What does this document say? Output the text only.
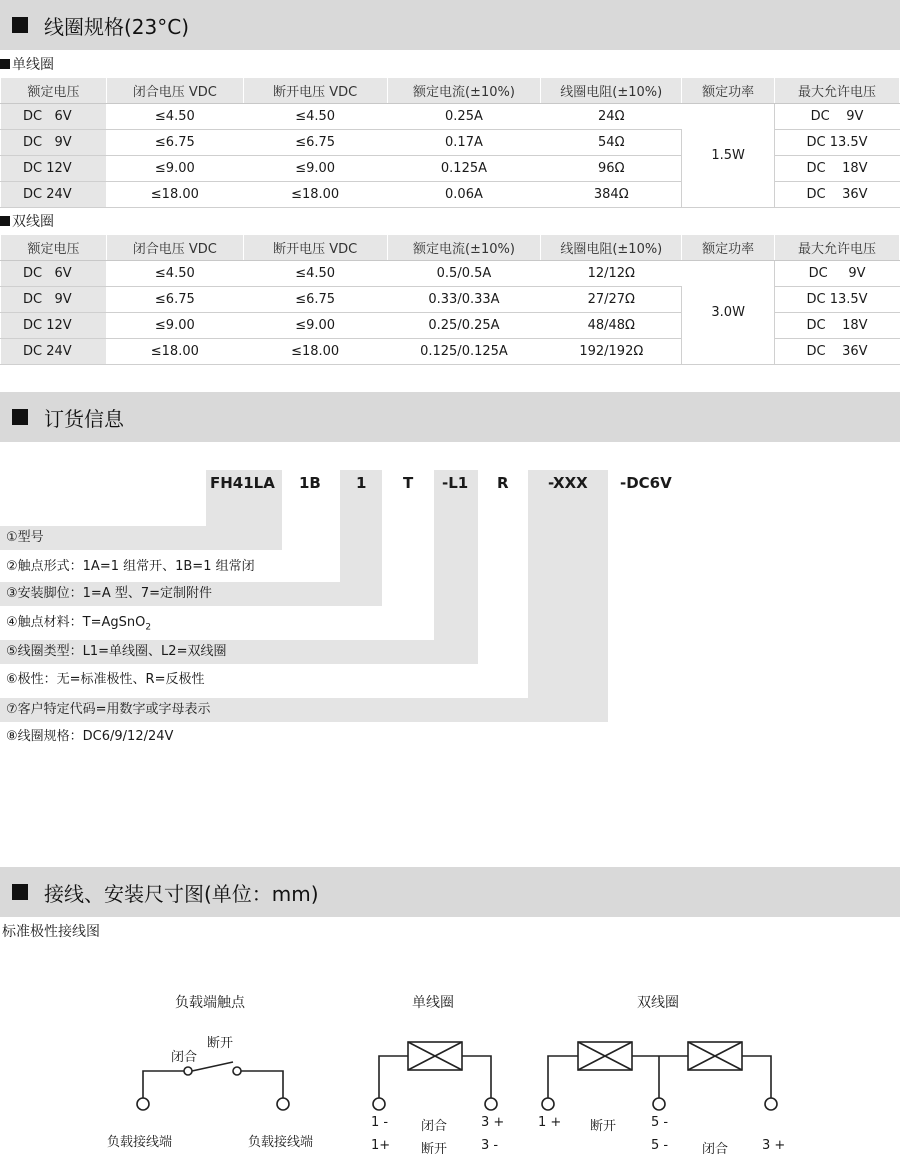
线圈规格(23°C)
单线圈
额定电压	闭合电压 VDC	断开电压 VDC	额定电流(±10%)	线圈电阻(±10%)	额定功率	最大允许电压
DC   6V	≤4.50	≤4.50	0.25A	24Ω	1.5W	DC    9V
DC   9V	≤6.75	≤6.75	0.17A	54Ω		DC 13.5V
DC 12V	≤9.00	≤9.00	0.125A	96Ω		DC    18V
DC 24V	≤18.00	≤18.00	0.06A	384Ω		DC    36V
双线圈
额定电压	闭合电压 VDC	断开电压 VDC	额定电流(±10%)	线圈电阻(±10%)	额定功率	最大允许电压
DC   6V	≤4.50	≤4.50	0.5/0.5A	12/12Ω	3.0W	DC     9V
DC   9V	≤6.75	≤6.75	0.33/0.33A	27/27Ω		DC 13.5V
DC 12V	≤9.00	≤9.00	0.25/0.25A	48/48Ω		DC    18V
DC 24V	≤18.00	≤18.00	0.125/0.125A	192/192Ω		DC    36V
订货信息
FH41LA 1B 1 T -L1 R	-XXX -DC6V
①型号
②触点形式：1A=1 组常开、1B=1 组常闭
③安装脚位：1=A 型、7=定制附件
④触点材料：T=AgSnO$_2$
⑤线圈类型：L1=单线圈、L2=双线圈
⑥极性：无=标准极性、R=反极性
⑦客户特定代码=用数字或字母表示
⑧线圈规格：DC6/9/12/24V
接线、安装尺寸图(单位：mm)
标准极性接线图
负载端触点
断开
闭合
负载接线端	负载接线端
单线圈
1 -
1+
闭合
断开
3 +
3 -
双线圈
1 + 断开	5 -
5 -	闭合	3 +
